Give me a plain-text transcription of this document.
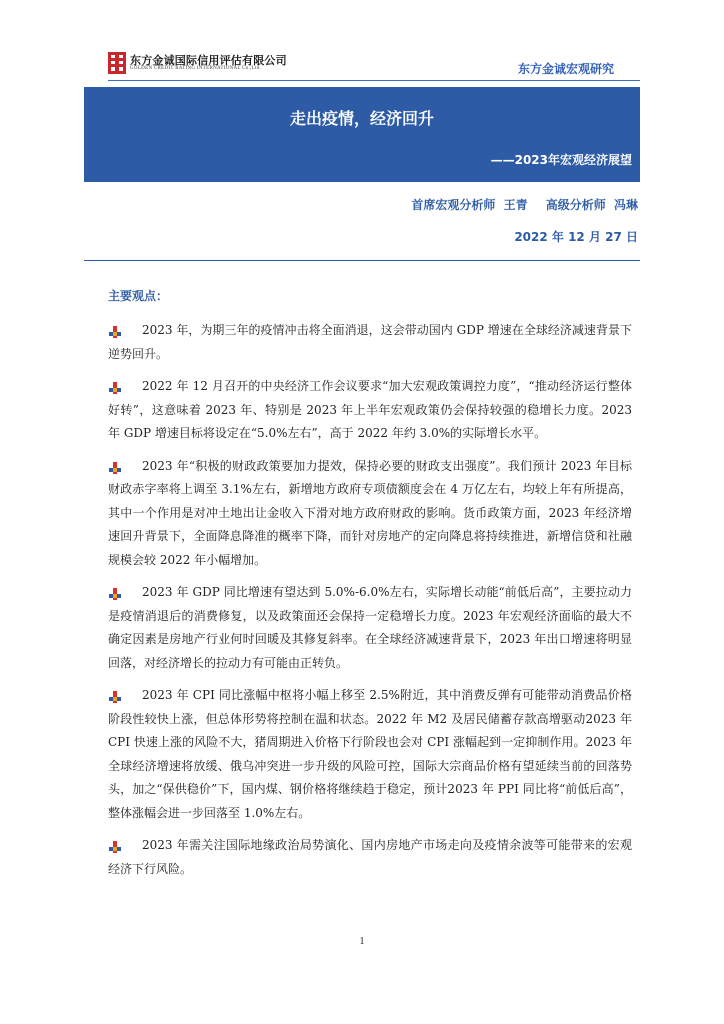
东方金诚国际信用评估有限公司
GOLDEN CREDIT RATING INTERNATIONAL Co.,Ltd.	东方金诚宏观研究
走出疫情，经济回升
——2023年宏观经济展望
首席宏观分析师 王青 高级分析师 冯琳
2022 年 12 月 27 日
主要观点：
2023 年，为期三年的疫情冲击将全面消退，这会带动国内 GDP 增速在全球经济减速背景下逆势回升。
2022 年 12 月召开的中央经济工作会议要求“加大宏观政策调控力度”，“推动经济运行整体好转”，这意味着 2023 年、特别是 2023 年上半年宏观政策仍会保持较强的稳增长力度。2023 年 GDP 增速目标将设定在“5.0%左右”，高于 2022 年约 3.0%的实际增长水平。
2023 年“积极的财政政策要加力提效，保持必要的财政支出强度”。我们预计 2023 年目标财政赤字率将上调至 3.1%左右，新增地方政府专项债额度会在 4 万亿左右，均较上年有所提高，其中一个作用是对冲土地出让金收入下滑对地方政府财政的影响。货币政策方面，2023 年经济增速回升背景下，全面降息降准的概率下降，而针对房地产的定向降息将持续推进，新增信贷和社融规模会较 2022 年小幅增加。
2023 年 GDP 同比增速有望达到 5.0%-6.0%左右，实际增长动能“前低后高”，主要拉动力是疫情消退后的消费修复，以及政策面还会保持一定稳增长力度。2023 年宏观经济面临的最大不确定因素是房地产行业何时回暖及其修复斜率。在全球经济减速背景下，2023 年出口增速将明显回落，对经济增长的拉动力有可能由正转负。
2023 年 CPI 同比涨幅中枢将小幅上移至 2.5%附近，其中消费反弹有可能带动消费品价格阶段性较快上涨，但总体形势将控制在温和状态。2022 年 M2 及居民储蓄存款高增驱动2023 年 CPI 快速上涨的风险不大，猪周期进入价格下行阶段也会对 CPI 涨幅起到一定抑制作用。2023 年全球经济增速将放缓、俄乌冲突进一步升级的风险可控，国际大宗商品价格有望延续当前的回落势头，加之“保供稳价”下，国内煤、钢价格将继续趋于稳定，预计2023 年 PPI 同比将“前低后高”，整体涨幅会进一步回落至 1.0%左右。
2023 年需关注国际地缘政治局势演化、国内房地产市场走向及疫情余波等可能带来的宏观经济下行风险。
1
